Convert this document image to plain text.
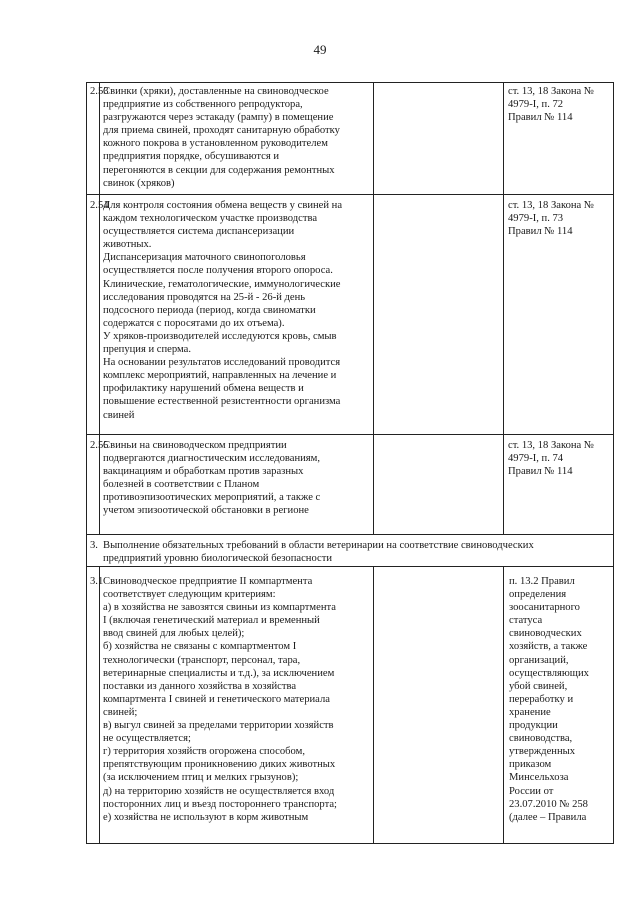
49
2.53
Свинки (хряки), доставленные на свиноводческое
предприятие из собственного репродуктора,
разгружаются через эстакаду (рампу) в помещение
для приема свиней, проходят санитарную обработку
кожного покрова в установленном руководителем
предприятия порядке, обсушиваются и
перегоняются в секции для содержания ремонтных
свинок (хряков)
ст. 13, 18 Закона №
4979-I, п. 72
Правил № 114
2.54
Для контроля состояния обмена веществ у свиней на
каждом технологическом участке производства
осуществляется система диспансеризации
животных.
Диспансеризация маточного свинопоголовья
осуществляется после получения второго опороса.
Клинические, гематологические, иммунологические
исследования проводятся на 25-й - 26-й день
подсосного периода (период, когда свиноматки
содержатся с поросятами до их отъема).
У хряков-производителей исследуются кровь, смыв
препуция и сперма.
На основании результатов исследований проводится
комплекс мероприятий, направленных на лечение и
профилактику нарушений обмена веществ и
повышение естественной резистентности организма
свиней
ст. 13, 18 Закона №
4979-I, п. 73
Правил № 114
2.55
Свиньи на свиноводческом предприятии
подвергаются диагностическим исследованиям,
вакцинациям и обработкам против заразных
болезней в соответствии с Планом
противоэпизоотических мероприятий, а также с
учетом эпизоотической обстановки в регионе
ст. 13, 18 Закона №
4979-I, п. 74
Правил № 114
3. Выполнение обязательных требований в области ветеринарии на соответствие свиноводческих
предприятий уровню биологической безопасности
3.1 Свиноводческое предприятие II компартмента
соответствует следующим критериям:
а) в хозяйства не завозятся свиньи из компартмента
I (включая генетический материал и временный
ввод свиней для любых целей);
б) хозяйства не связаны с компартментом I
технологически (транспорт, персонал, тара,
ветеринарные специалисты и т.д.), за исключением
поставки из данного хозяйства в хозяйства
компартмента I свиней и генетического материала
свиней;
в) выгул свиней за пределами территории хозяйств
не осуществляется;
г) территория хозяйств огорожена способом,
препятствующим проникновению диких животных
(за исключением птиц и мелких грызунов);
д) на территорию хозяйств не осуществляется вход
посторонних лиц и въезд постороннего транспорта;
е) хозяйства не используют в корм животным
п. 13.2 Правил
определения
зоосанитарного
статуса
свиноводческих
хозяйств, а также
организаций,
осуществляющих
убой свиней,
переработку и
хранение
продукции
свиноводства,
утвержденных
приказом
Минсельхоза
России от
23.07.2010 № 258
(далее – Правила
